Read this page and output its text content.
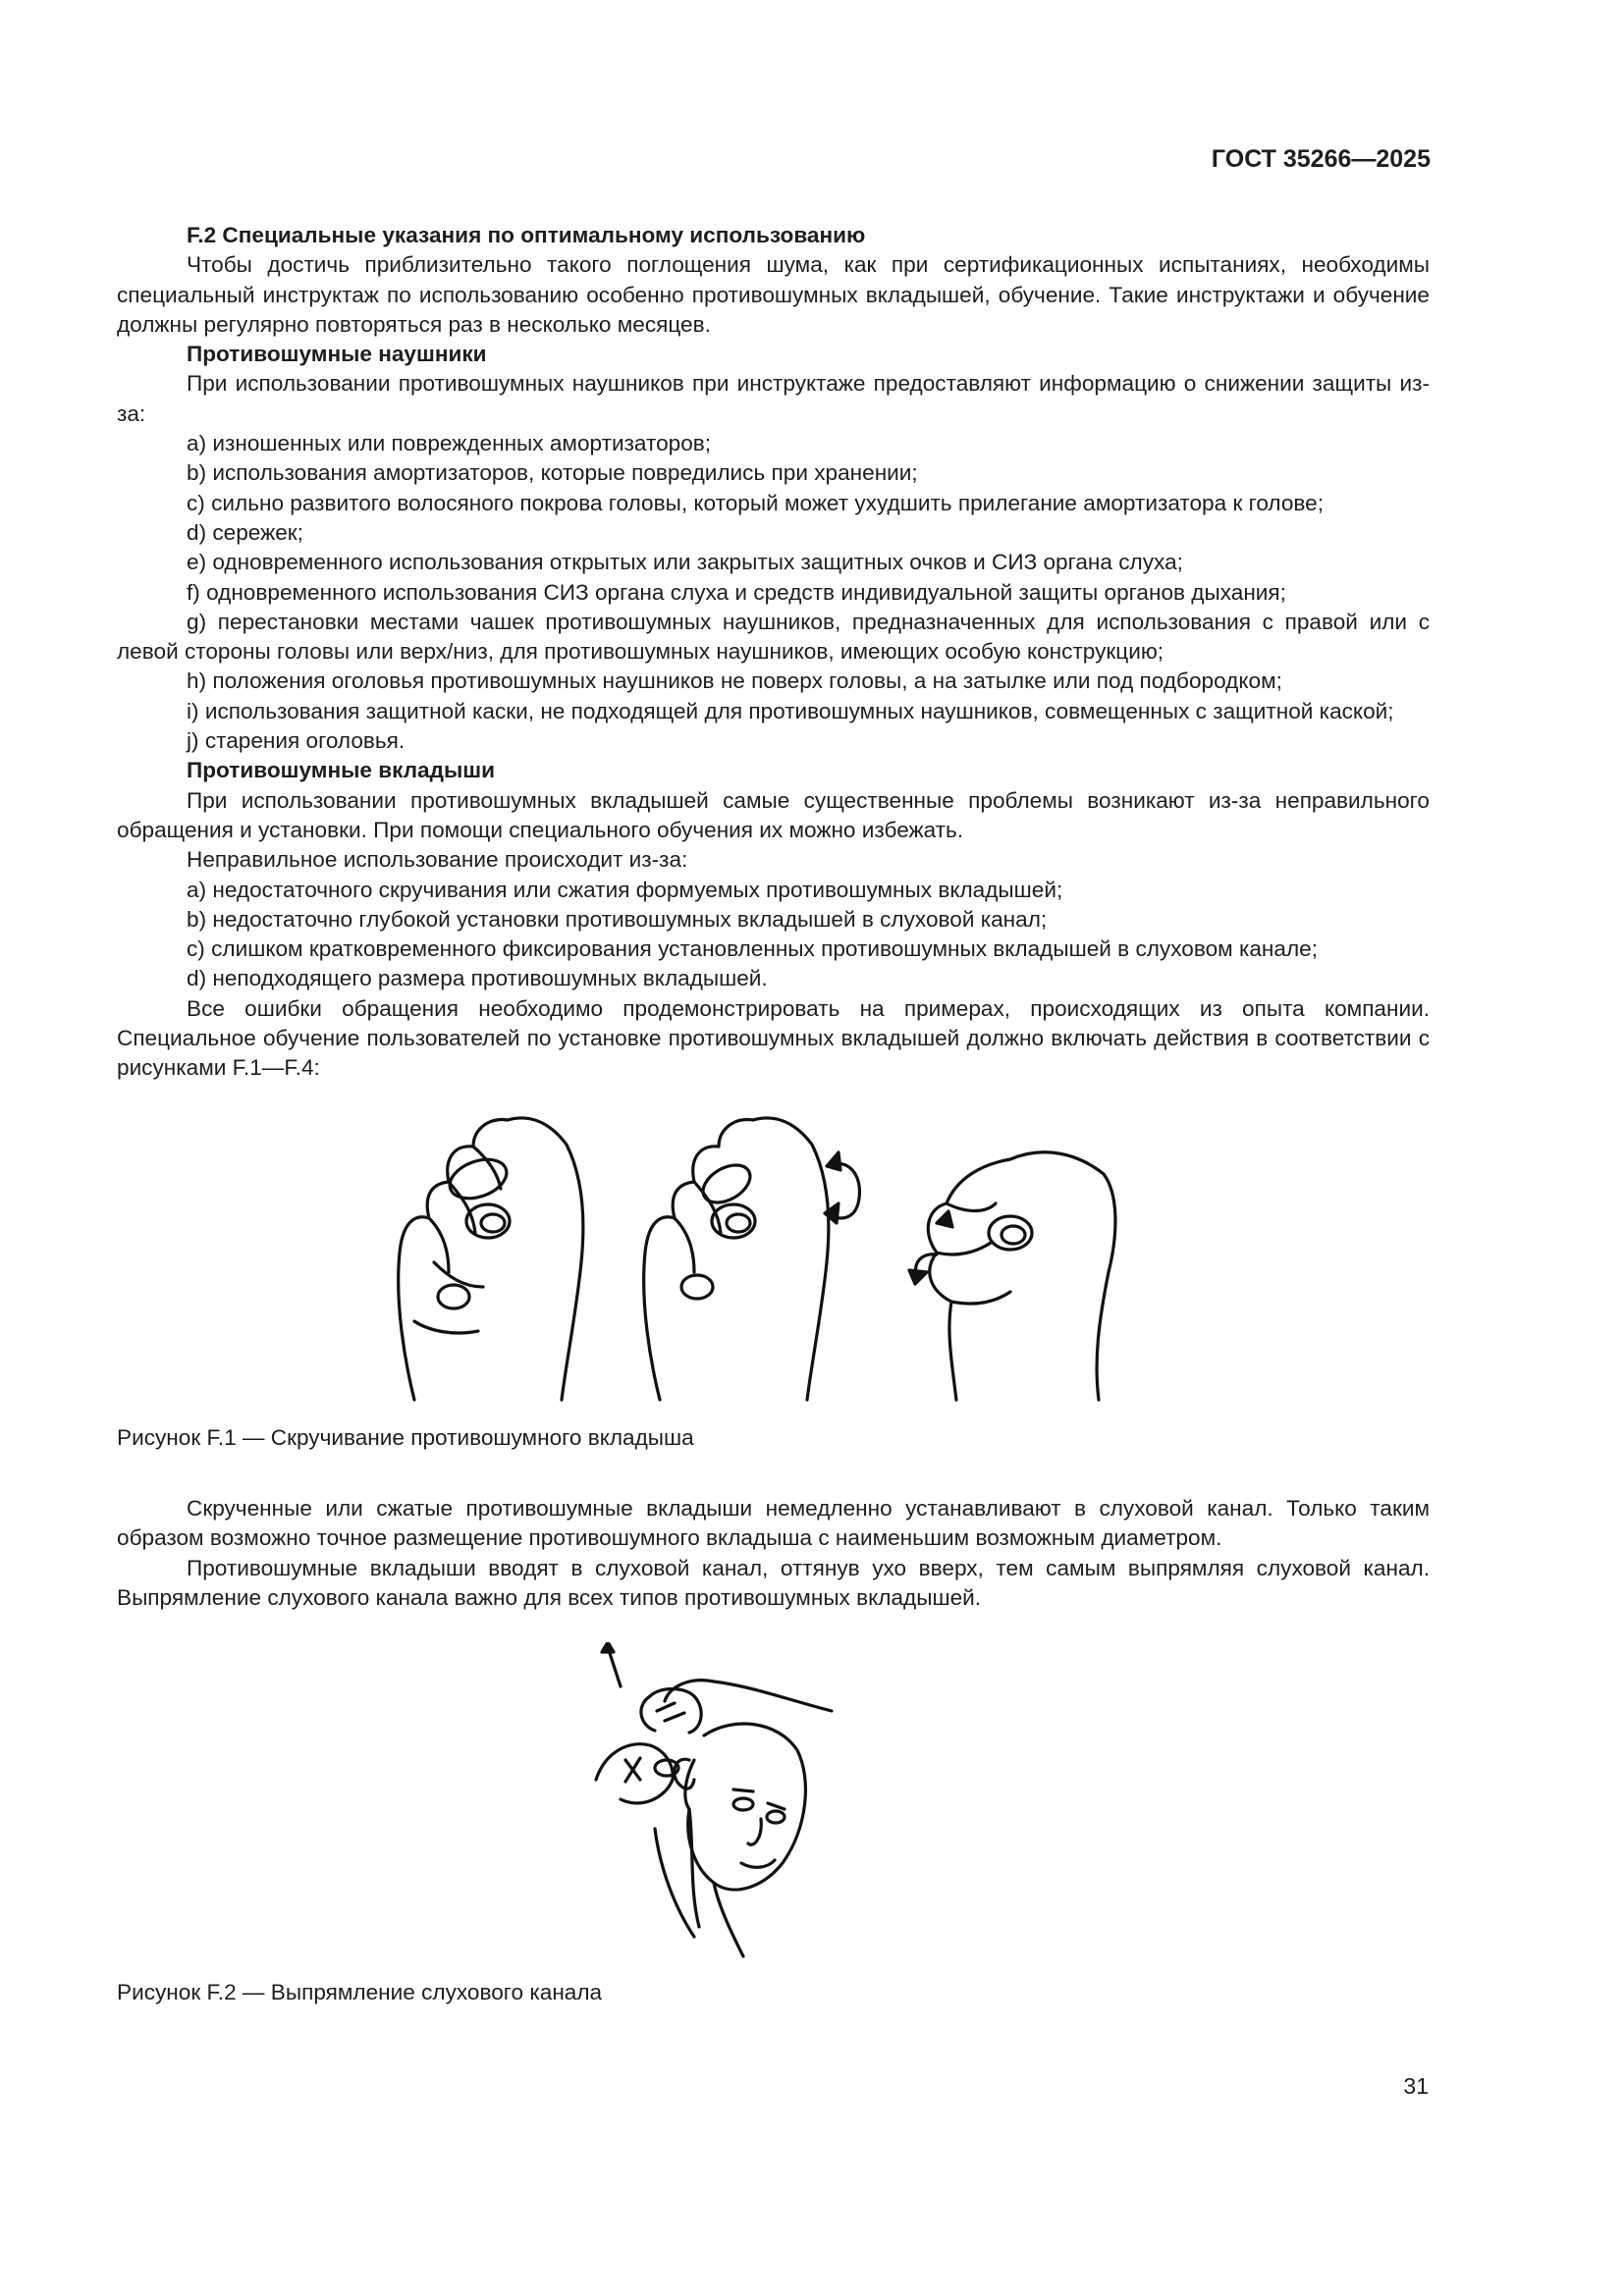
ГОСТ 35266—2025

F.2 Специальные указания по оптимальному использованию

Чтобы достичь приблизительно такого поглощения шума, как при сертификационных испытаниях, необходимы специальный инструктаж по использованию особенно противошумных вкладышей, обучение. Такие инструктажи и обучение должны регулярно повторяться раз в несколько месяцев.

Противошумные наушники

При использовании противошумных наушников при инструктаже предоставляют информацию о снижении защиты из-за:

a) изношенных или поврежденных амортизаторов;

b) использования амортизаторов, которые повредились при хранении;

c) сильно развитого волосяного покрова головы, который может ухудшить прилегание амортизатора к голове;

d) сережек;

e) одновременного использования открытых или закрытых защитных очков и СИЗ органа слуха;

f) одновременного использования СИЗ органа слуха и средств индивидуальной защиты органов дыхания;

g) перестановки местами чашек противошумных наушников, предназначенных для использования с правой или с левой стороны головы или верх/низ, для противошумных наушников, имеющих особую конструкцию;

h) положения оголовья противошумных наушников не поверх головы, а на затылке или под подбородком;

i) использования защитной каски, не подходящей для противошумных наушников, совмещенных с защитной каской;

j) старения оголовья.

Противошумные вкладыши

При использовании противошумных вкладышей самые существенные проблемы возникают из-за неправильного обращения и установки. При помощи специального обучения их можно избежать.

Неправильное использование происходит из-за:

a) недостаточного скручивания или сжатия формуемых противошумных вкладышей;

b) недостаточно глубокой установки противошумных вкладышей в слуховой канал;

c) слишком кратковременного фиксирования установленных противошумных вкладышей в слуховом канале;

d) неподходящего размера противошумных вкладышей.

Все ошибки обращения необходимо продемонстрировать на примерах, происходящих из опыта компании. Специальное обучение пользователей по установке противошумных вкладышей должно включать действия в соответствии с рисунками F.1—F.4:

Рисунок F.1 — Скручивание противошумного вкладыша

Скрученные или сжатые противошумные вкладыши немедленно устанавливают в слуховой канал. Только таким образом возможно точное размещение противошумного вкладыша с наименьшим возможным диаметром.

Противошумные вкладыши вводят в слуховой канал, оттянув ухо вверх, тем самым выпрямляя слуховой канал. Выпрямление слухового канала важно для всех типов противошумных вкладышей.

Рисунок F.2 — Выпрямление слухового канала

31
